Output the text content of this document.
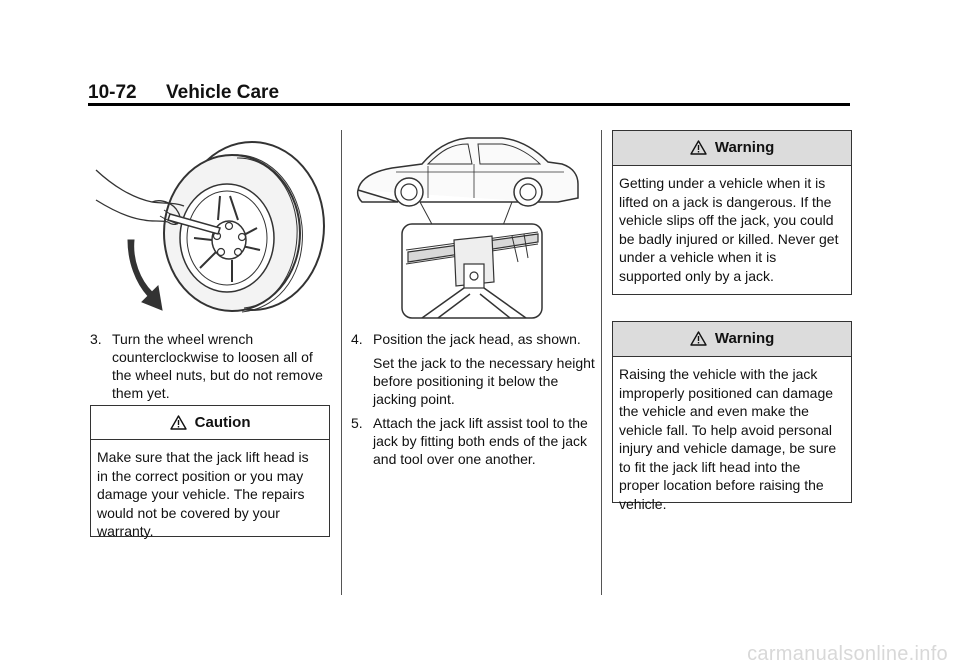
10-72 Vehicle Care
3. Turn the wheel wrench counterclockwise to loosen all of the wheel nuts, but do not remove them yet.
Caution
Make sure that the jack lift head is in the correct position or you may damage your vehicle. The repairs would not be covered by your warranty.
4. Position the jack head, as shown.
Set the jack to the necessary height before positioning it below the jacking point.
5. Attach the jack lift assist tool to the jack by fitting both ends of the jack and tool over one another.
Warning
Getting under a vehicle when it is lifted on a jack is dangerous. If the vehicle slips off the jack, you could be badly injured or killed. Never get under a vehicle when it is supported only by a jack.
Warning
Raising the vehicle with the jack improperly positioned can damage the vehicle and even make the vehicle fall. To help avoid personal injury and vehicle damage, be sure to fit the jack lift head into the proper location before raising the vehicle.
carmanualsonline.info
